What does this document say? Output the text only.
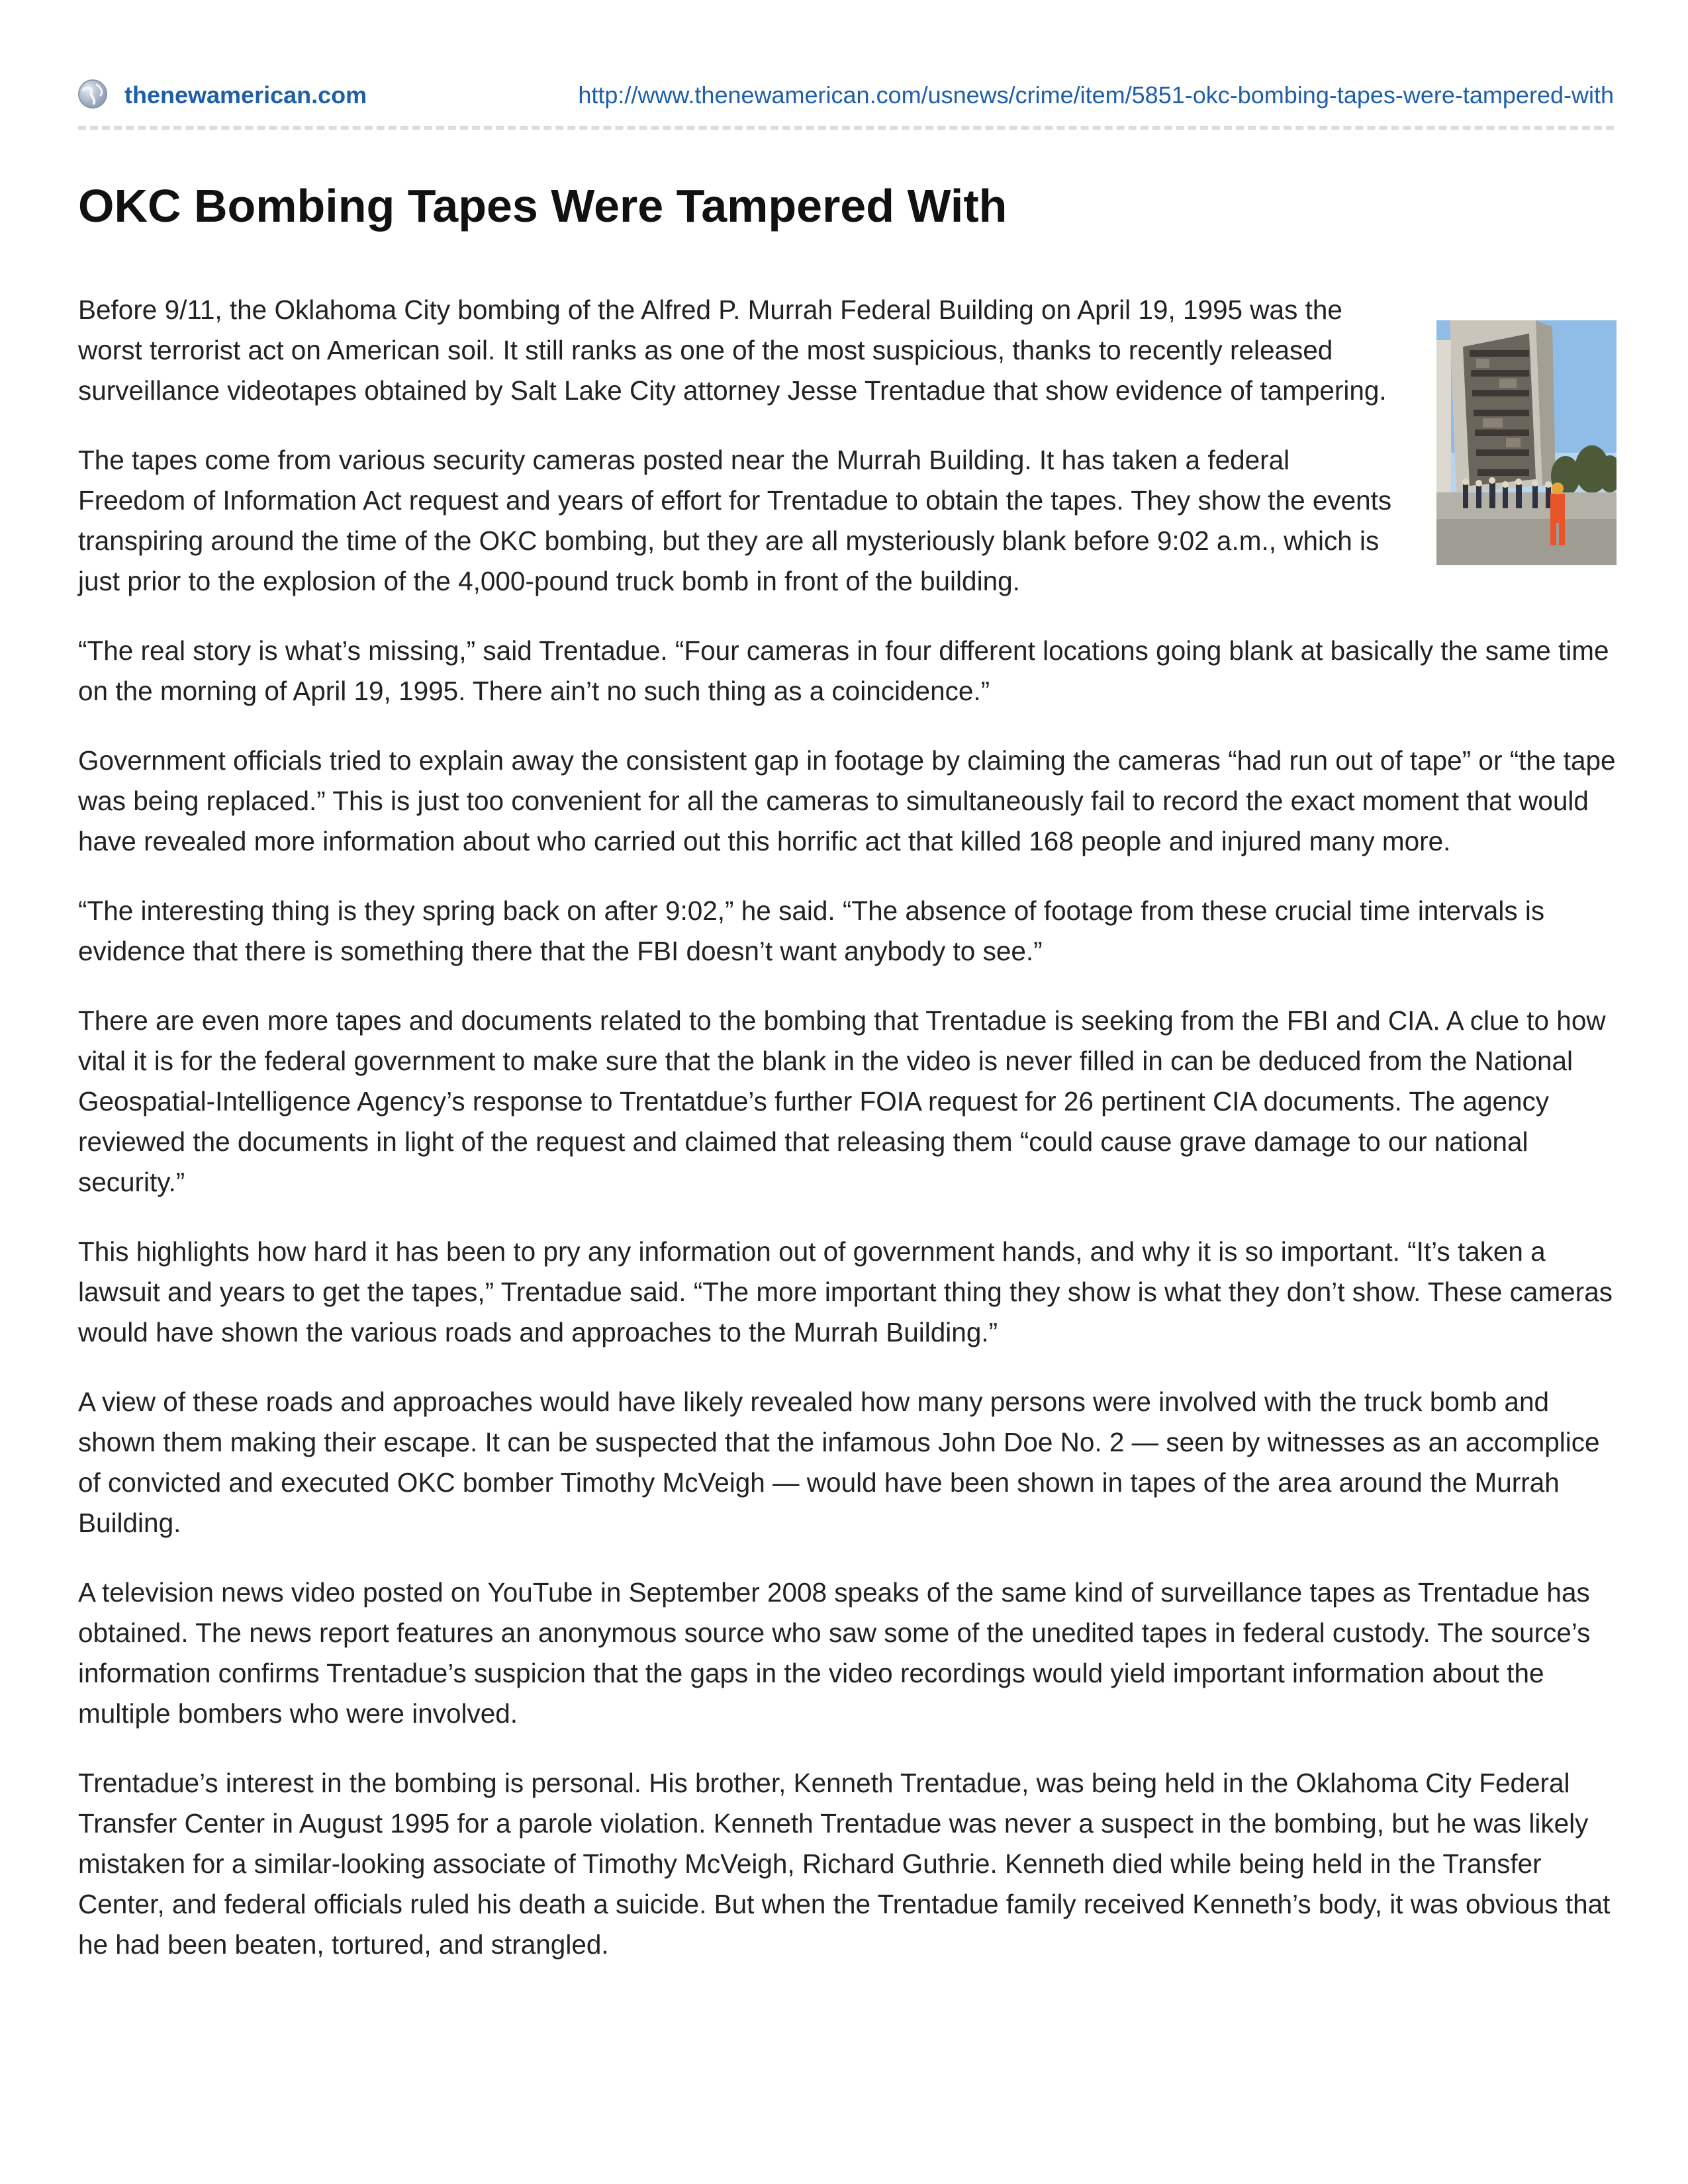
thenewamerican.com	http://www.thenewamerican.com/usnews/crime/item/5851-okc-bombing-tapes-were-tampered-with
OKC Bombing Tapes Were Tampered With

Before 9/11, the Oklahoma City bombing of the Alfred P. Murrah Federal Building on April 19, 1995 was the worst terrorist act on American soil. It still ranks as one of the most suspicious, thanks to recently released surveillance videotapes obtained by Salt Lake City attorney Jesse Trentadue that show evidence of tampering.

The tapes come from various security cameras posted near the Murrah Building. It has taken a federal Freedom of Information Act request and years of effort for Trentadue to obtain the tapes. They show the events transpiring around the time of the OKC bombing, but they are all mysteriously blank before 9:02 a.m., which is just prior to the explosion of the 4,000-pound truck bomb in front of the building.

“The real story is what’s missing,” said Trentadue. “Four cameras in four different locations going blank at basically the same time on the morning of April 19, 1995. There ain’t no such thing as a coincidence.”

Government officials tried to explain away the consistent gap in footage by claiming the cameras “had run out of tape” or “the tape was being replaced.” This is just too convenient for all the cameras to simultaneously fail to record the exact moment that would have revealed more information about who carried out this horrific act that killed 168 people and injured many more.

“The interesting thing is they spring back on after 9:02,” he said. “The absence of footage from these crucial time intervals is evidence that there is something there that the FBI doesn’t want anybody to see.”

There are even more tapes and documents related to the bombing that Trentadue is seeking from the FBI and CIA. A clue to how vital it is for the federal government to make sure that the blank in the video is never filled in can be deduced from the National Geospatial-Intelligence Agency’s response to Trentatdue’s further FOIA request for 26 pertinent CIA documents. The agency reviewed the documents in light of the request and claimed that releasing them “could cause grave damage to our national security.”

This highlights how hard it has been to pry any information out of government hands, and why it is so important. “It’s taken a lawsuit and years to get the tapes,” Trentadue said. “The more important thing they show is what they don’t show. These cameras would have shown the various roads and approaches to the Murrah Building.”

A view of these roads and approaches would have likely revealed how many persons were involved with the truck bomb and shown them making their escape. It can be suspected that the infamous John Doe No. 2 — seen by witnesses as an accomplice of convicted and executed OKC bomber Timothy McVeigh — would have been shown in tapes of the area around the Murrah Building.

A television news video posted on YouTube in September 2008 speaks of the same kind of surveillance tapes as Trentadue has obtained. The news report features an anonymous source who saw some of the unedited tapes in federal custody. The source’s information confirms Trentadue’s suspicion that the gaps in the video recordings would yield important information about the multiple bombers who were involved.

Trentadue’s interest in the bombing is personal. His brother, Kenneth Trentadue, was being held in the Oklahoma City Federal Transfer Center in August 1995 for a parole violation. Kenneth Trentadue was never a suspect in the bombing, but he was likely mistaken for a similar-looking associate of Timothy McVeigh, Richard Guthrie. Kenneth died while being held in the Transfer Center, and federal officials ruled his death a suicide. But when the Trentadue family received Kenneth’s body, it was obvious that he had been beaten, tortured, and strangled.
